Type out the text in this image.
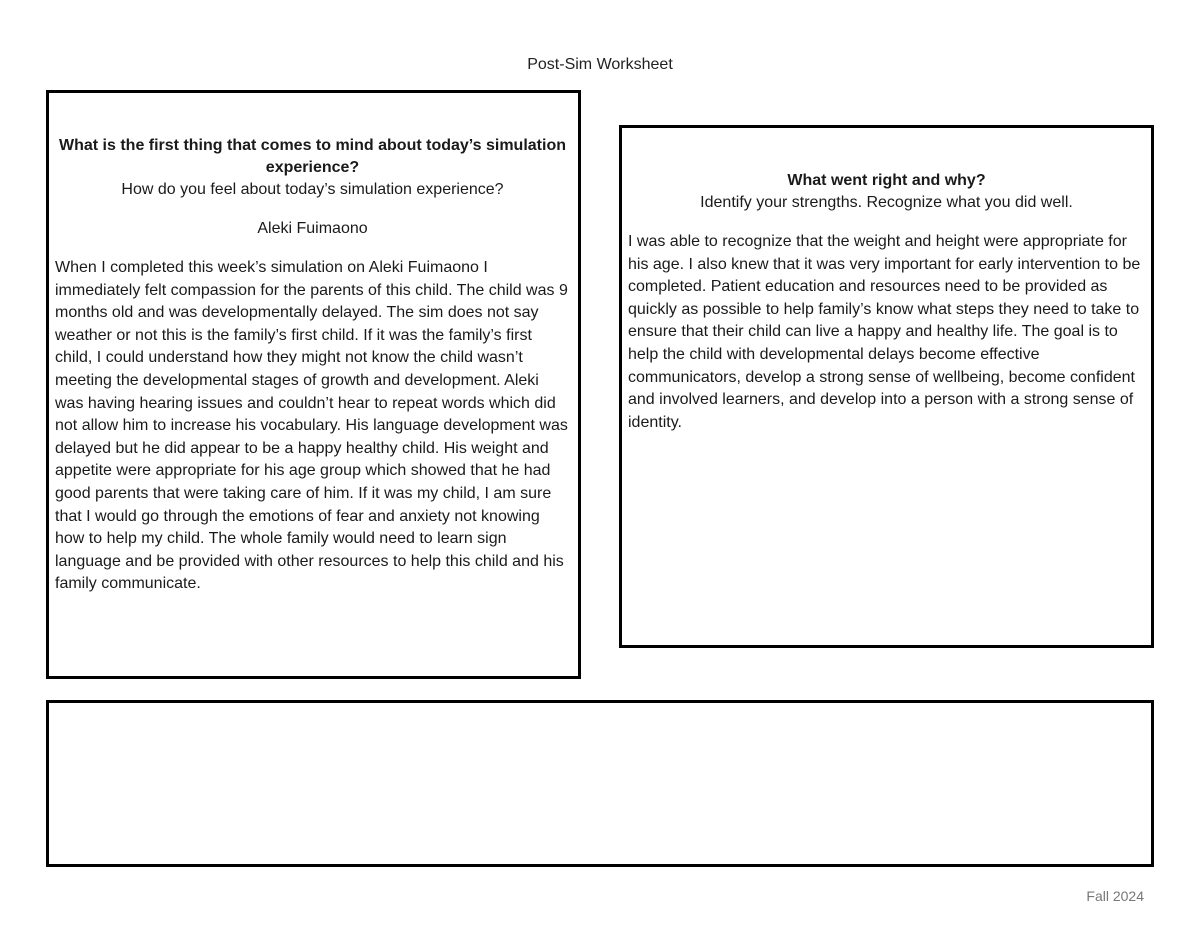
Post-Sim Worksheet
What is the first thing that comes to mind about today’s simulation experience?
How do you feel about today’s simulation experience?
Aleki Fuimaono
When I completed this week’s simulation on Aleki Fuimaono I immediately felt compassion for the parents of this child. The child was 9 months old and was developmentally delayed. The sim does not say weather or not this is the family’s first child. If it was the family’s first child, I could understand how they might not know the child wasn’t meeting the developmental stages of growth and development. Aleki was having hearing issues and couldn’t hear to repeat words which did not allow him to increase his vocabulary. His language development was delayed but he did appear to be a happy healthy child. His weight and appetite were appropriate for his age group which showed that he had good parents that were taking care of him. If it was my child, I am sure that I would go through the emotions of fear and anxiety not knowing how to help my child. The whole family would need to learn sign language and be provided with other resources to help this child and his family communicate.
What went right and why?
Identify your strengths. Recognize what you did well.
I was able to recognize that the weight and height were appropriate for his age. I also knew that it was very important for early intervention to be completed. Patient education and resources need to be provided as quickly as possible to help family’s know what steps they need to take to ensure that their child can live a happy and healthy life. The goal is to help the child with developmental delays become effective communicators, develop a strong sense of wellbeing, become confident and involved learners, and develop into a person with a strong sense of identity.
Fall 2024
